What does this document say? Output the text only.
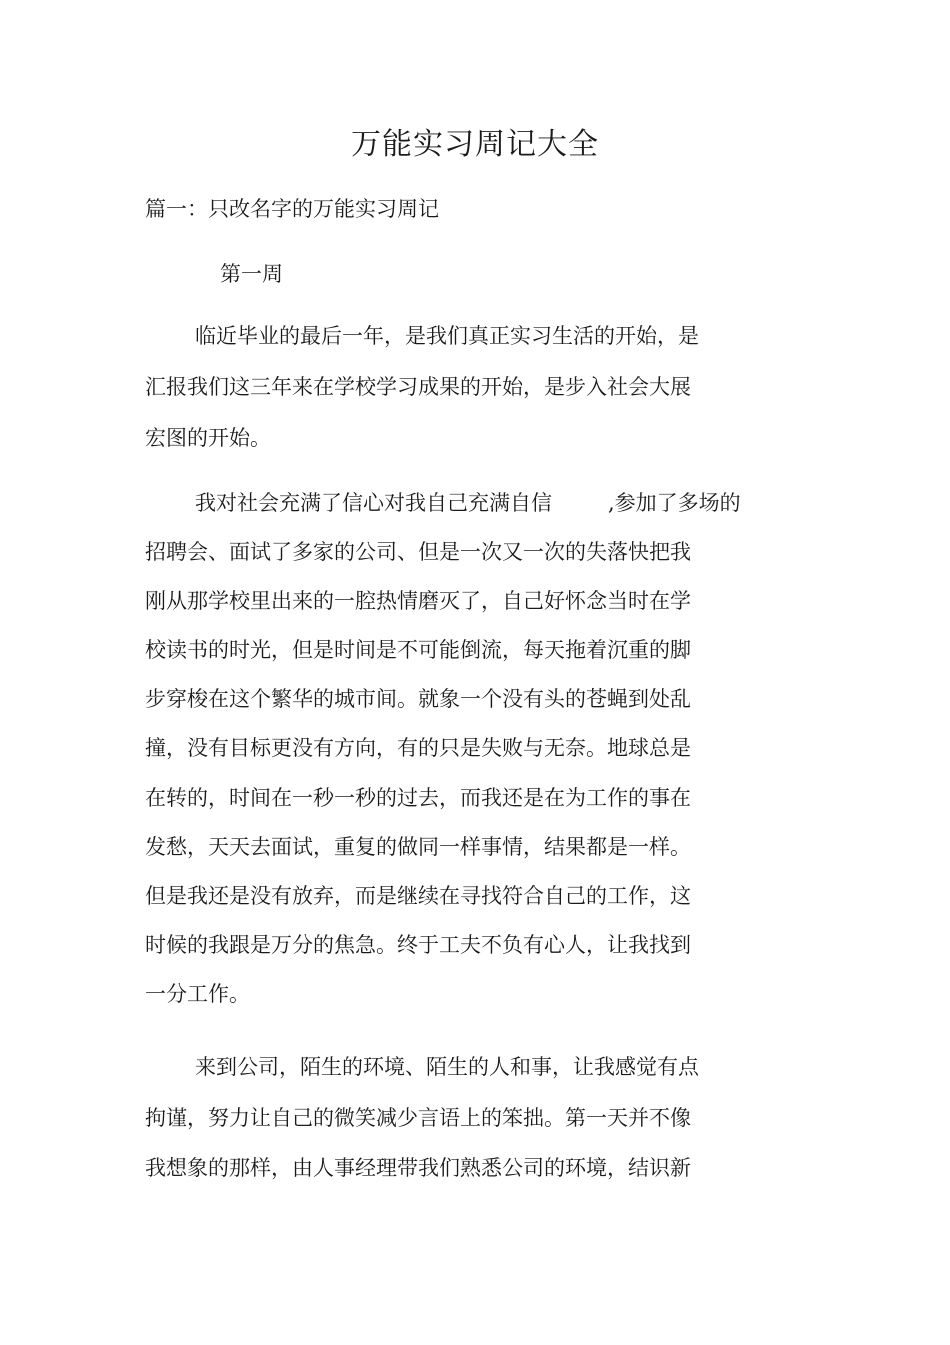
万能实习周记大全
篇一：只改名字的万能实习周记
第一周

临近毕业的最后一年，是我们真正实习生活的开始，是
汇报我们这三年来在学校学习成果的开始，是步入社会大展
宏图的开始。

我对社会充满了信心对我自己充满自信	,参加了多场的
招聘会、面试了多家的公司、但是一次又一次的失落快把我
刚从那学校里出来的一腔热情磨灭了，自己好怀念当时在学
校读书的时光，但是时间是不可能倒流，每天拖着沉重的脚
步穿梭在这个繁华的城市间。就象一个没有头的苍蝇到处乱
撞，没有目标更没有方向，有的只是失败与无奈。地球总是
在转的，时间在一秒一秒的过去，而我还是在为工作的事在
发愁，天天去面试，重复的做同一样事情，结果都是一样。
但是我还是没有放弃，而是继续在寻找符合自己的工作，这
时候的我跟是万分的焦急。终于工夫不负有心人，让我找到
一分工作。

来到公司，陌生的环境、陌生的人和事，让我感觉有点
拘谨，努力让自己的微笑减少言语上的笨拙。第一天并不像
我想象的那样，由人事经理带我们熟悉公司的环境，结识新
